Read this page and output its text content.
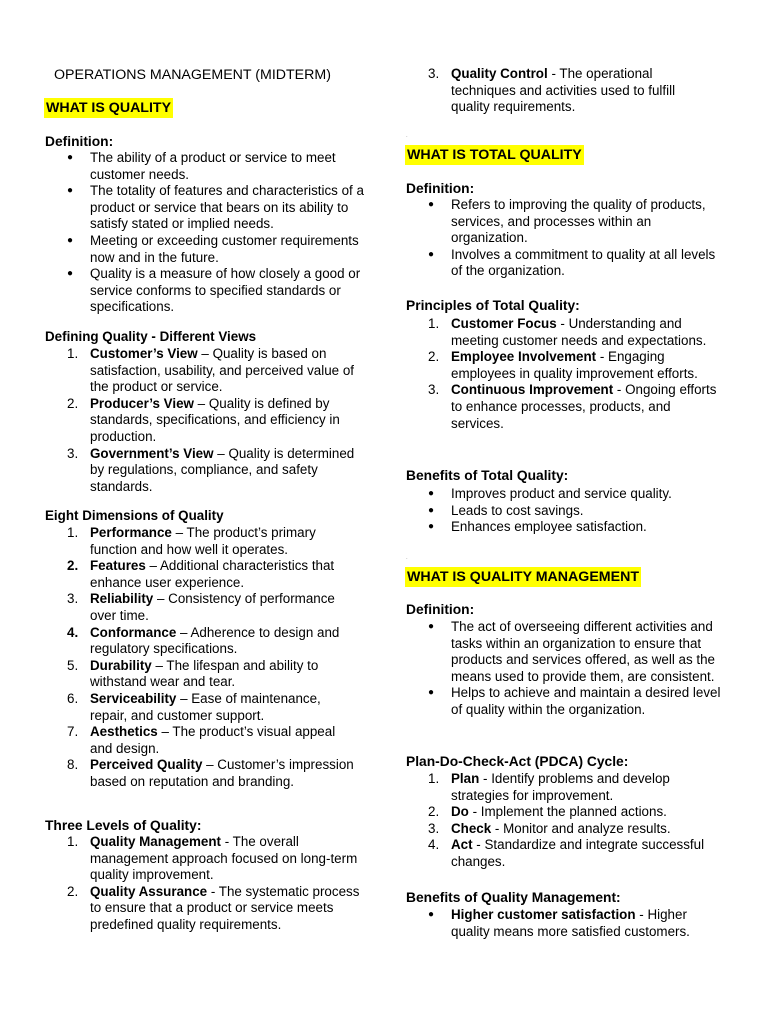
OPERATIONS MANAGEMENT (MIDTERM)
WHAT IS QUALITY
Definition:
● The ability of a product or service to meet customer needs.
● The totality of features and characteristics of a product or service that bears on its ability to satisfy stated or implied needs.
● Meeting or exceeding customer requirements now and in the future.
● Quality is a measure of how closely a good or service conforms to specified standards or specifications.
Defining Quality - Different Views
1. Customer’s View – Quality is based on satisfaction, usability, and perceived value of the product or service.
2. Producer’s View – Quality is defined by standards, specifications, and efficiency in production.
3. Government’s View – Quality is determined by regulations, compliance, and safety standards.
Eight Dimensions of Quality
1. Performance – The product’s primary function and how well it operates.
2. Features – Additional characteristics that enhance user experience.
3. Reliability – Consistency of performance over time.
4. Conformance – Adherence to design and regulatory specifications.
5. Durability – The lifespan and ability to withstand wear and tear.
6. Serviceability – Ease of maintenance, repair, and customer support.
7. Aesthetics – The product’s visual appeal and design.
8. Perceived Quality – Customer’s impression based on reputation and branding.
Three Levels of Quality:
1. Quality Management - The overall management approach focused on long-term quality improvement.
2. Quality Assurance - The systematic process to ensure that a product or service meets predefined quality requirements.
3. Quality Control - The operational techniques and activities used to fulfill quality requirements.
.
WHAT IS TOTAL QUALITY
Definition:
● Refers to improving the quality of products, services, and processes within an organization.
● Involves a commitment to quality at all levels of the organization.
Principles of Total Quality:
1. Customer Focus - Understanding and meeting customer needs and expectations.
2. Employee Involvement - Engaging employees in quality improvement efforts.
3. Continuous Improvement - Ongoing efforts to enhance processes, products, and services.
Benefits of Total Quality:
● Improves product and service quality.
● Leads to cost savings.
● Enhances employee satisfaction.
.
WHAT IS QUALITY MANAGEMENT
Definition:
● The act of overseeing different activities and tasks within an organization to ensure that products and services offered, as well as the means used to provide them, are consistent.
● Helps to achieve and maintain a desired level of quality within the organization.
Plan-Do-Check-Act (PDCA) Cycle:
1. Plan - Identify problems and develop strategies for improvement.
2. Do - Implement the planned actions.
3. Check - Monitor and analyze results.
4. Act - Standardize and integrate successful changes.
Benefits of Quality Management:
● Higher customer satisfaction - Higher quality means more satisfied customers.
